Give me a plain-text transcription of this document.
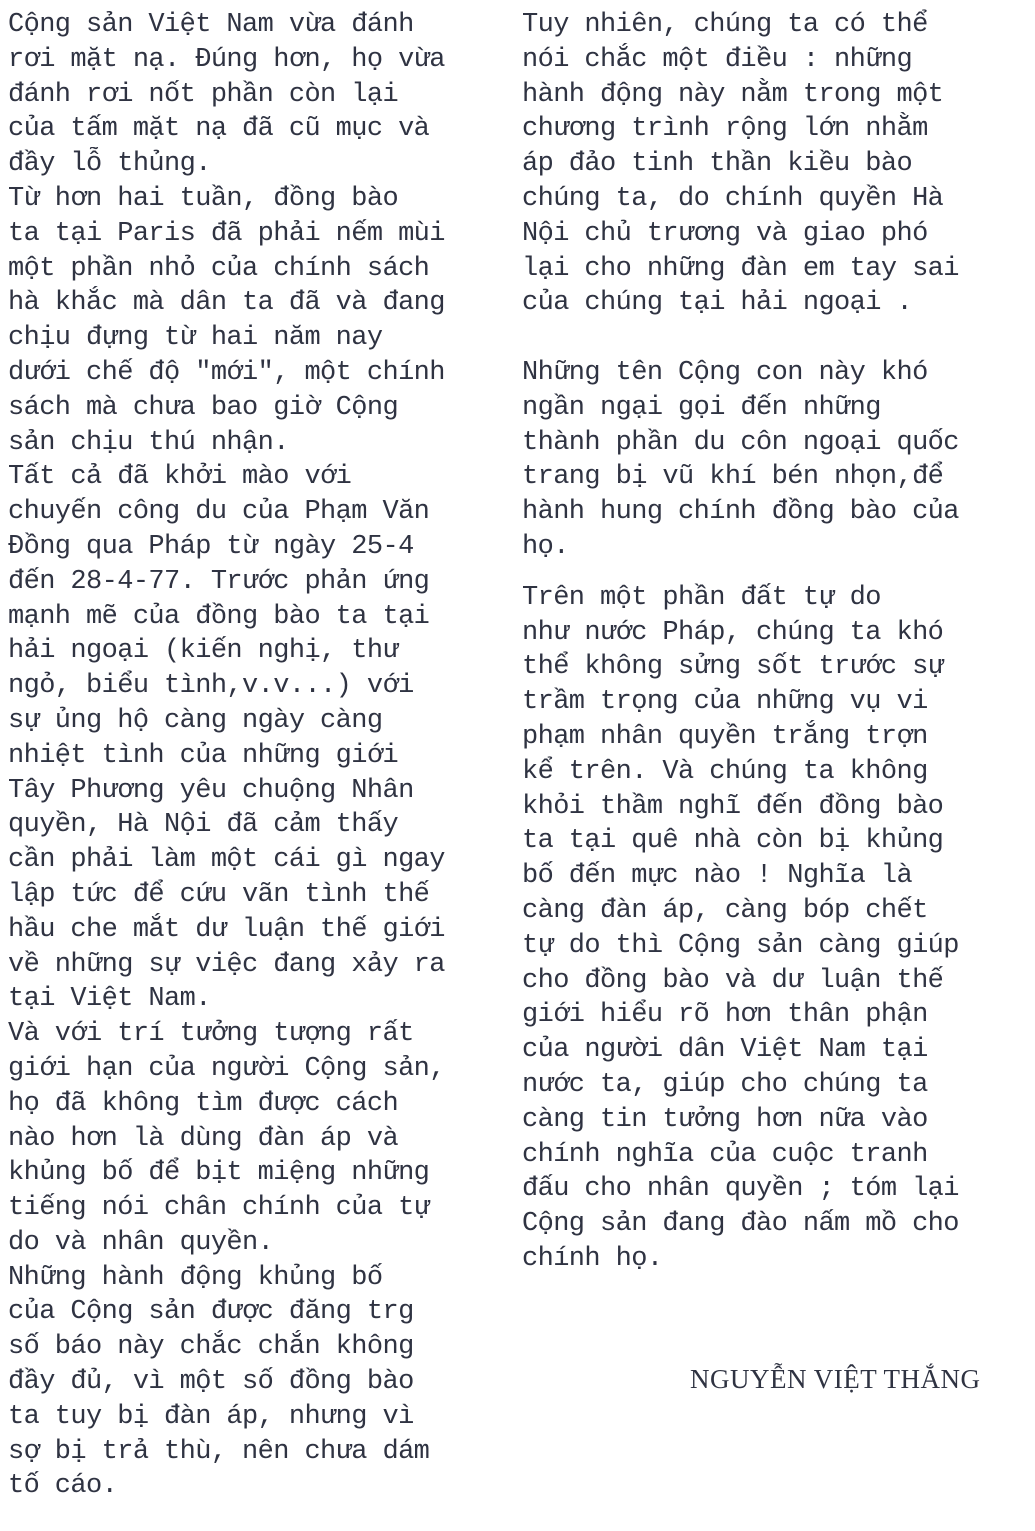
Cộng sản Việt Nam vừa đánh
rơi mặt nạ. Đúng hơn, họ vừa
đánh rơi nốt phần còn lại
của tấm mặt nạ đã cũ mục và
đầy lỗ thủng.
Từ hơn hai tuần, đồng bào
ta tại Paris đã phải nếm mùi
một phần nhỏ của chính sách
hà khắc mà dân ta đã và đang
chịu đựng từ hai năm nay
dưới chế độ "mới", một chính
sách mà chưa bao giờ Cộng
sản chịu thú nhận.
Tất cả đã khởi mào với
chuyến công du của Phạm Văn
Đồng qua Pháp từ ngày 25-4
đến 28-4-77. Trước phản ứng
mạnh mẽ của đồng bào ta tại
hải ngoại (kiến nghị, thư
ngỏ, biểu tình,v.v...) với
sự ủng hộ càng ngày càng
nhiệt tình của những giới
Tây Phương yêu chuộng Nhân
quyền, Hà Nội đã cảm thấy
cần phải làm một cái gì ngay
lập tức để cứu vãn tình thế
hầu che mắt dư luận thế giới
về những sự việc đang xảy ra
tại Việt Nam.
Và với trí tưởng tượng rất
giới hạn của người Cộng sản,
họ đã không tìm được cách
nào hơn là dùng đàn áp và
khủng bố để bịt miệng những
tiếng nói chân chính của tự
do và nhân quyền.
Những hành động khủng bố
của Cộng sản được đăng trg
số báo này chắc chắn không
đầy đủ, vì một số đồng bào
ta tuy bị đàn áp, nhưng vì
sợ bị trả thù, nên chưa dám
tố cáo.
Tuy nhiên, chúng ta có thể
nói chắc một điều : những
hành động này nằm trong một
chương trình rộng lớn nhằm
áp đảo tinh thần kiều bào
chúng ta, do chính quyền Hà
Nội chủ trương và giao phó
lại cho những đàn em tay sai
của chúng tại hải ngoại .
Những tên Cộng con này khó
ngần ngại gọi đến những
thành phần du côn ngoại quốc
trang bị vũ khí bén nhọn,để
hành hung chính đồng bào của
họ.
Trên một phần đất tự do
như nước Pháp, chúng ta khó
thể không sửng sốt trước sự
trầm trọng của những vụ vi
phạm nhân quyền trắng trợn
kể trên. Và chúng ta không
khỏi thầm nghĩ đến đồng bào
ta tại quê nhà còn bị khủng
bố đến mực nào ! Nghĩa là
càng đàn áp, càng bóp chết
tự do thì Cộng sản càng giúp
cho đồng bào và dư luận thế
giới hiểu rõ hơn thân phận
của người dân Việt Nam tại
nước ta, giúp cho chúng ta
càng tin tưởng hơn nữa vào
chính nghĩa của cuộc tranh
đấu cho nhân quyền ; tóm lại
Cộng sản đang đào nấm mồ cho
chính họ.
NGUYỄN VIỆT THẮNG
